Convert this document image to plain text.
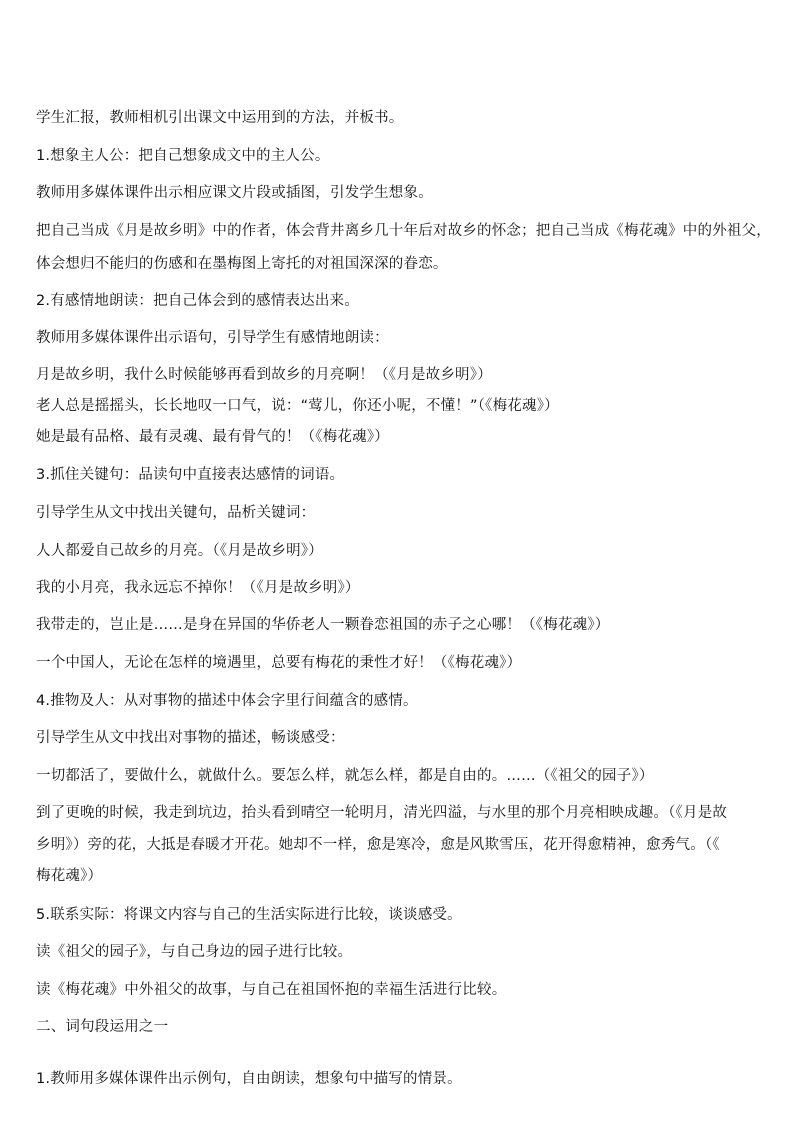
学生汇报，教师相机引出课文中运用到的方法，并板书。
1.想象主人公：把自己想象成文中的主人公。
教师用多媒体课件出示相应课文片段或插图，引发学生想象。
把自己当成《月是故乡明》中的作者，体会背井离乡几十年后对故乡的怀念；把自己当成《梅花魂》中的外祖父，
体会想归不能归的伤感和在墨梅图上寄托的对祖国深深的眷恋。
2.有感情地朗读：把自己体会到的感情表达出来。
教师用多媒体课件出示语句，引导学生有感情地朗读：
月是故乡明，我什么时候能够再看到故乡的月亮啊！（《月是故乡明》）
老人总是摇摇头，长长地叹一口气，说：“莺儿，你还小呢，不懂！”（《梅花魂》）
她是最有品格、最有灵魂、最有骨气的！（《梅花魂》）
3.抓住关键句：品读句中直接表达感情的词语。
引导学生从文中找出关键句，品析关键词：
人人都爱自己故乡的月亮。（《月是故乡明》）
我的小月亮，我永远忘不掉你！（《月是故乡明》）
我带走的，岂止是……是身在异国的华侨老人一颗眷恋祖国的赤子之心哪！（《梅花魂》）
一个中国人，无论在怎样的境遇里，总要有梅花的秉性才好！（《梅花魂》）
4.推物及人：从对事物的描述中体会字里行间蕴含的感情。
引导学生从文中找出对事物的描述，畅谈感受：
一切都活了，要做什么，就做什么。要怎么样，就怎么样，都是自由的。……（《祖父的园子》）
到了更晚的时候，我走到坑边，抬头看到晴空一轮明月，清光四溢，与水里的那个月亮相映成趣。（《月是故
乡明》）旁的花，大抵是春暖才开花。她却不一样，愈是寒冷，愈是风欺雪压，花开得愈精神，愈秀气。（《
梅花魂》）
5.联系实际：将课文内容与自己的生活实际进行比较，谈谈感受。
读《祖父的园子》，与自己身边的园子进行比较。
读《梅花魂》中外祖父的故事，与自己在祖国怀抱的幸福生活进行比较。
二、词句段运用之一
1.教师用多媒体课件出示例句，自由朗读，想象句中描写的情景。
